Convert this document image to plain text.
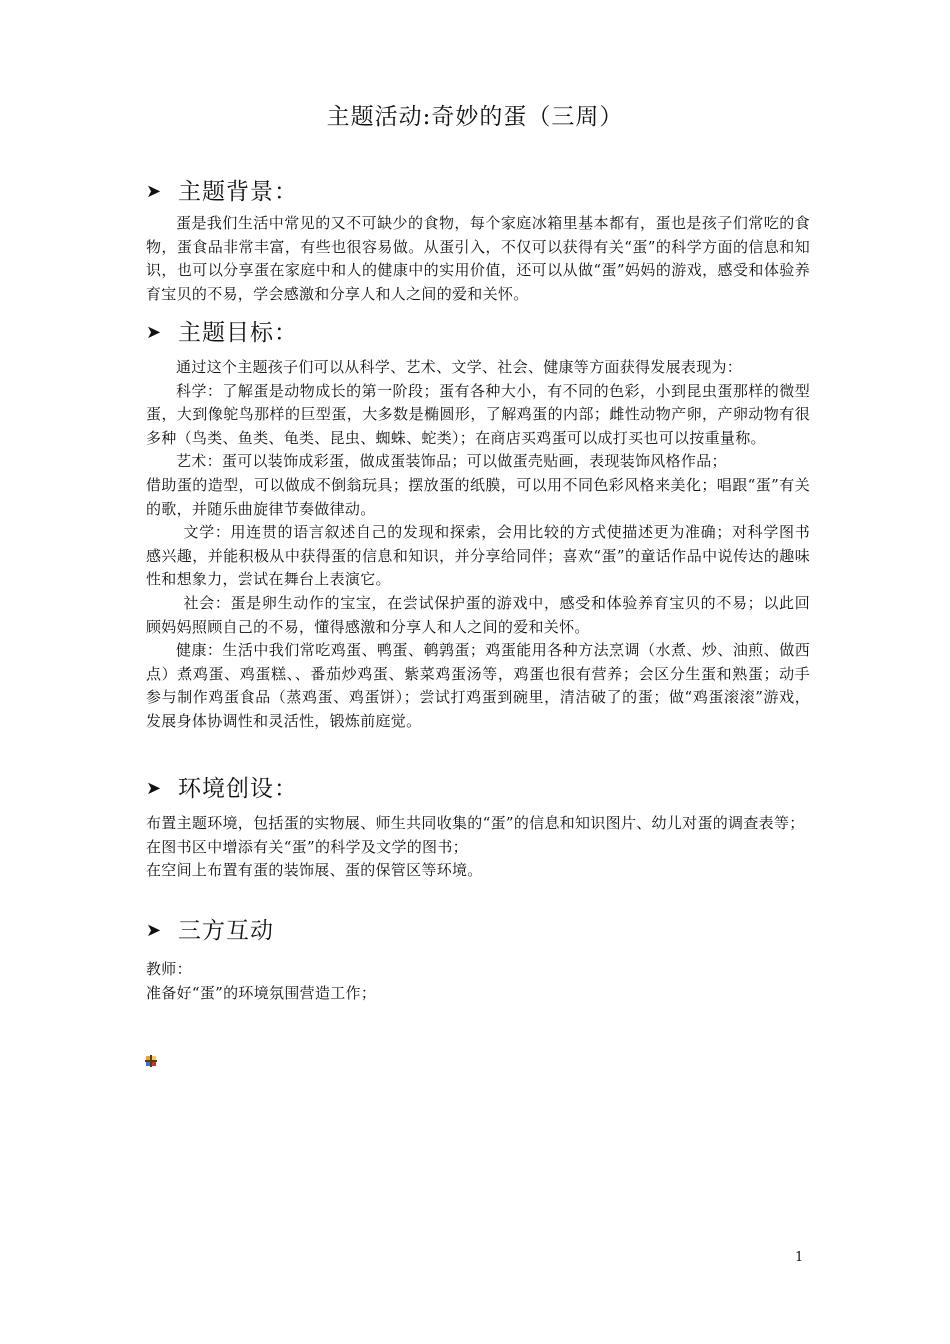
主题活动:奇妙的蛋（三周）
➤ 主题背景：

蛋是我们生活中常见的又不可缺少的食物，每个家庭冰箱里基本都有，蛋也是孩子们常吃的食物，蛋食品非常丰富，有些也很容易做。从蛋引入，不仅可以获得有关“蛋”的科学方面的信息和知识，也可以分享蛋在家庭中和人的健康中的实用价值，还可以从做“蛋”妈妈的游戏，感受和体验养育宝贝的不易，学会感激和分享人和人之间的爱和关怀。

➤ 主题目标：

通过这个主题孩子们可以从科学、艺术、文学、社会、健康等方面获得发展表现为：

科学：了解蛋是动物成长的第一阶段；蛋有各种大小，有不同的色彩，小到昆虫蛋那样的微型蛋，大到像鸵鸟那样的巨型蛋，大多数是椭圆形，了解鸡蛋的内部；雌性动物产卵，产卵动物有很多种（鸟类、鱼类、龟类、昆虫、蜘蛛、蛇类）；在商店买鸡蛋可以成打买也可以按重量称。

艺术：蛋可以装饰成彩蛋，做成蛋装饰品；可以做蛋壳贴画，表现装饰风格作品；

借助蛋的造型，可以做成不倒翁玩具；摆放蛋的纸膜，可以用不同色彩风格来美化；唱跟“蛋”有关的歌，并随乐曲旋律节奏做律动。

文学：用连贯的语言叙述自己的发现和探索，会用比较的方式使描述更为准确；对科学图书感兴趣，并能积极从中获得蛋的信息和知识，并分享给同伴；喜欢“蛋”的童话作品中说传达的趣味性和想象力，尝试在舞台上表演它。

社会：蛋是卵生动作的宝宝，在尝试保护蛋的游戏中，感受和体验养育宝贝的不易；以此回顾妈妈照顾自己的不易，懂得感激和分享人和人之间的爱和关怀。

健康：生活中我们常吃鸡蛋、鸭蛋、鹌鹑蛋；鸡蛋能用各种方法烹调（水煮、炒、油煎、做西点）煮鸡蛋、鸡蛋糕、、番茄炒鸡蛋、紫菜鸡蛋汤等，鸡蛋也很有营养；会区分生蛋和熟蛋；动手参与制作鸡蛋食品（蒸鸡蛋、鸡蛋饼）；尝试打鸡蛋到碗里，清洁破了的蛋；做“鸡蛋滚滚”游戏，发展身体协调性和灵活性，锻炼前庭觉。

➤ 环境创设：

布置主题环境，包括蛋的实物展、师生共同收集的“蛋”的信息和知识图片、幼儿对蛋的调查表等；

在图书区中增添有关“蛋”的科学及文学的图书；

在空间上布置有蛋的装饰展、蛋的保管区等环境。

➤ 三方互动

教师：

准备好“蛋”的环境氛围营造工作；

1
